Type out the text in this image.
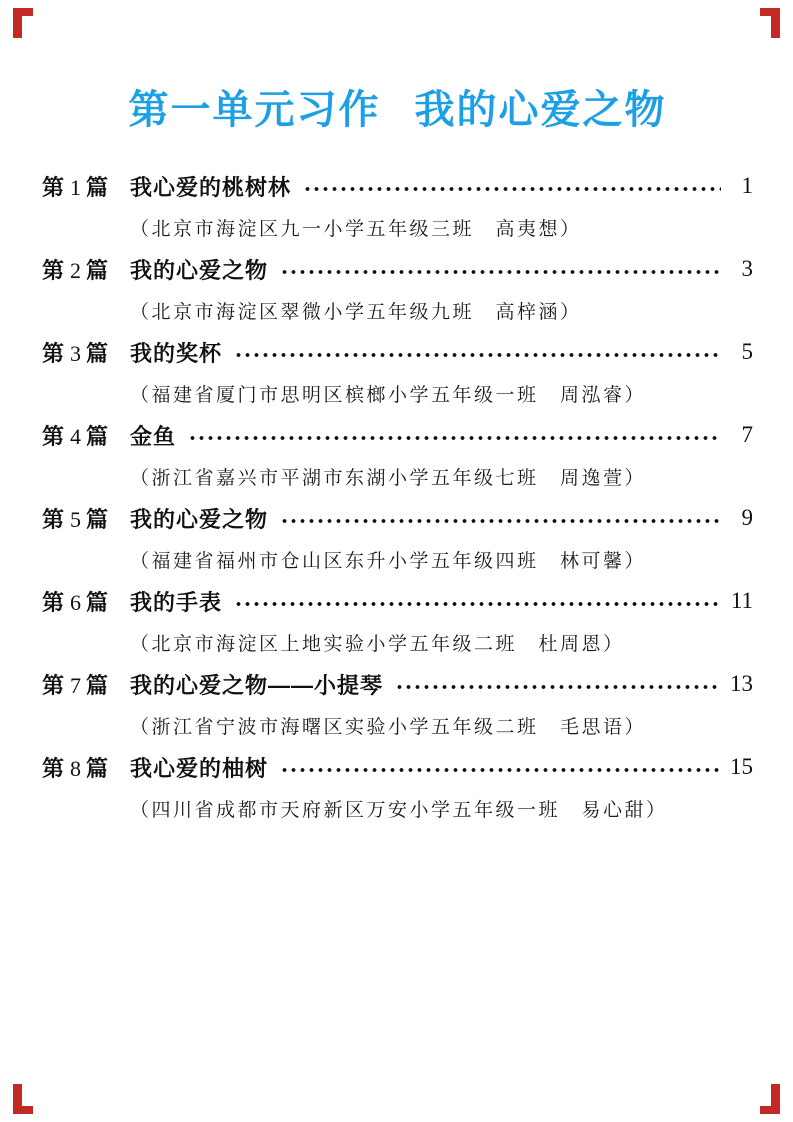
第一单元习作 我的心爱之物
第 1 篇 我心爱的桃树林	1
（北京市海淀区九一小学五年级三班　高夷想）
第 2 篇 我的心爱之物	3
（北京市海淀区翠微小学五年级九班　高梓涵）
第 3 篇 我的奖杯	5
（福建省厦门市思明区槟榔小学五年级一班　周泓睿）
第 4 篇 金鱼	7
（浙江省嘉兴市平湖市东湖小学五年级七班　周逸萱）
第 5 篇 我的心爱之物	9
（福建省福州市仓山区东升小学五年级四班　林可馨）
第 6 篇 我的手表	11
（北京市海淀区上地实验小学五年级二班　杜周恩）
第 7 篇 我的心爱之物——小提琴	13
（浙江省宁波市海曙区实验小学五年级二班　毛思语）
第 8 篇 我心爱的柚树	15
（四川省成都市天府新区万安小学五年级一班　易心甜）
